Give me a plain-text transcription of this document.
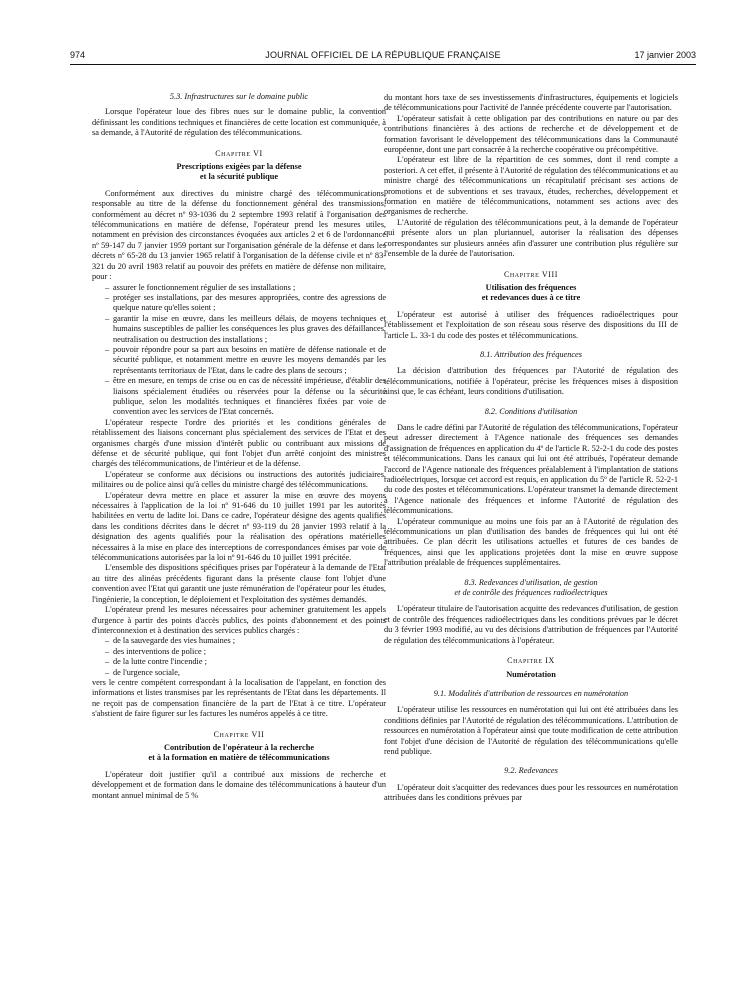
974	JOURNAL OFFICIEL DE LA RÉPUBLIQUE FRANÇAISE	17 janvier 2003
5.3. Infrastructures sur le domaine public

Lorsque l'opérateur loue des fibres nues sur le domaine public, la convention définissant les conditions techniques et financières de cette location est communiquée, à sa demande, à l'Autorité de régulation des télécommunications.

Chapitre VI
Prescriptions exigées par la défense
et la sécurité publique

Conformément aux directives du ministre chargé des télécommunications, responsable au titre de la défense du fonctionnement général des transmissions, conformément au décret nº 93-1036 du 2 septembre 1993 relatif à l'organisation des télécommunications en matière de défense, l'opérateur prend les mesures utiles, notamment en prévision des circonstances évoquées aux articles 2 et 6 de l'ordonnance nº 59-147 du 7 janvier 1959 portant sur l'organisation générale de la défense et dans les décrets nº 65-28 du 13 janvier 1965 relatif à l'organisation de la défense civile et nº 83-321 du 20 avril 1983 relatif au pouvoir des préfets en matière de défense non militaire, pour :

– assurer le fonctionnement régulier de ses installations ;
– protéger ses installations, par des mesures appropriées, contre des agressions de quelque nature qu'elles soient ;
– garantir la mise en œuvre, dans les meilleurs délais, de moyens techniques et humains susceptibles de pallier les conséquences les plus graves des défaillances, neutralisation ou destruction des installations ;
– pouvoir répondre pour sa part aux besoins en matière de défense nationale et de sécurité publique, et notamment mettre en œuvre les moyens demandés par les représentants territoriaux de l'Etat, dans le cadre des plans de secours ;
– être en mesure, en temps de crise ou en cas de nécessité impérieuse, d'établir des liaisons spécialement étudiées ou réservées pour la défense ou la sécurité publique, selon les modalités techniques et financières fixées par voie de convention avec les services de l'Etat concernés.

L'opérateur respecte l'ordre des priorités et les conditions générales de rétablissement des liaisons concernant plus spécialement des services de l'Etat et des organismes chargés d'une mission d'intérêt public ou contribuant aux missions de défense et de sécurité publique, qui font l'objet d'un arrêté conjoint des ministres chargés des télécommunications, de l'intérieur et de la défense.

L'opérateur se conforme aux décisions ou instructions des autorités judiciaires, militaires ou de police ainsi qu'à celles du ministre chargé des télécommunications.

L'opérateur devra mettre en place et assurer la mise en œuvre des moyens nécessaires à l'application de la loi nº 91-646 du 10 juillet 1991 par les autorités habilitées en vertu de ladite loi. Dans ce cadre, l'opérateur désigne des agents qualifiés dans les conditions décrites dans le décret nº 93-119 du 28 janvier 1993 relatif à la désignation des agents qualifiés pour la réalisation des opérations matérielles nécessaires à la mise en place des interceptions de correspondances émises par voie de télécommunications autorisées par la loi nº 91-646 du 10 juillet 1991 précitée.

L'ensemble des dispositions spécifiques prises par l'opérateur à la demande de l'Etat au titre des alinéas précédents figurant dans la présente clause font l'objet d'une convention avec l'Etat qui garantit une juste rémunération de l'opérateur pour les études, l'ingénierie, la conception, le déploiement et l'exploitation des systèmes demandés.

L'opérateur prend les mesures nécessaires pour acheminer gratuitement les appels d'urgence à partir des points d'accès publics, des points d'abonnement et des points d'interconnexion et à destination des services publics chargés :

– de la sauvegarde des vies humaines ;
– des interventions de police ;
– de la lutte contre l'incendie ;
– de l'urgence sociale,

vers le centre compétent correspondant à la localisation de l'appelant, en fonction des informations et listes transmises par les représentants de l'Etat dans les départements. Il ne reçoit pas de compensation financière de la part de l'Etat à ce titre. L'opérateur s'abstient de faire figurer sur les factures les numéros appelés à ce titre.

Chapitre VII
Contribution de l'opérateur à la recherche
et à la formation en matière de télécommunications

L'opérateur doit justifier qu'il a contribué aux missions de recherche et développement et de formation dans le domaine des télécommunications à hauteur d'un montant annuel minimal de 5 %

du montant hors taxe de ses investissements d'infrastructures, équipements et logiciels de télécommunications pour l'activité de l'année précédente couverte par l'autorisation.

L'opérateur satisfait à cette obligation par des contributions en nature ou par des contributions financières à des actions de recherche et de développement et de formation favorisant le développement des télécommunications dans la Communauté européenne, dont une part consacrée à la recherche coopérative ou précompétitive.

L'opérateur est libre de la répartition de ces sommes, dont il rend compte a posteriori. A cet effet, il présente à l'Autorité de régulation des télécommunications et au ministre chargé des télécommunications un récapitulatif précisant ses actions de promotions et de subventions et ses travaux, études, recherches, développement et formation en matière de télécommunications, notamment ses actions avec des organismes de recherche.

L'Autorité de régulation des télécommunications peut, à la demande de l'opérateur qui présente alors un plan pluriannuel, autoriser la réalisation des dépenses correspondantes sur plusieurs années afin d'assurer une contribution plus régulière sur l'ensemble de la durée de l'autorisation.

Chapitre VIII
Utilisation des fréquences
et redevances dues à ce titre

L'opérateur est autorisé à utiliser des fréquences radioélectriques pour l'établissement et l'exploitation de son réseau sous réserve des dispositions du III de l'article L. 33-1 du code des postes et télécommunications.

8.1. Attribution des fréquences

La décision d'attribution des fréquences par l'Autorité de régulation des télécommunications, notifiée à l'opérateur, précise les fréquences mises à disposition ainsi que, le cas échéant, leurs conditions d'utilisation.

8.2. Conditions d'utilisation

Dans le cadre défini par l'Autorité de régulation des télécommunications, l'opérateur peut adresser directement à l'Agence nationale des fréquences ses demandes d'assignation de fréquences en application du 4º de l'article R. 52-2-1 du code des postes et télécommunications. Dans les canaux qui lui ont été attribués, l'opérateur demande l'accord de l'Agence nationale des fréquences préalablement à l'implantation de stations radioélectriques, lorsque cet accord est requis, en application du 5º de l'article R. 52-2-1 du code des postes et télécommunications. L'opérateur transmet la demande directement à l'Agence nationale des fréquences et informe l'Autorité de régulation des télécommunications.

L'opérateur communique au moins une fois par an à l'Autorité de régulation des télécommunications un plan d'utilisation des bandes de fréquences qui lui ont été attribuées. Ce plan décrit les utilisations actuelles et futures de ces bandes de fréquences, ainsi que les applications projetées dont la mise en œuvre suppose l'attribution préalable de fréquences supplémentaires.

8.3. Redevances d'utilisation, de gestion
et de contrôle des fréquences radioélectriques

L'opérateur titulaire de l'autorisation acquitte des redevances d'utilisation, de gestion et de contrôle des fréquences radioélectriques dans les conditions prévues par le décret du 3 février 1993 modifié, au vu des décisions d'attribution de fréquences par l'Autorité de régulation des télécommunications à l'opérateur.

Chapitre IX
Numérotation
9.1. Modalités d'attribution de ressources en numérotation

L'opérateur utilise les ressources en numérotation qui lui ont été attribuées dans les conditions définies par l'Autorité de régulation des télécommunications. L'attribution de ressources en numérotation à l'opérateur ainsi que toute modification de cette attribution font l'objet d'une décision de l'Autorité de régulation des télécommunications qu'elle rend publique.

9.2. Redevances

L'opérateur doit s'acquitter des redevances dues pour les ressources en numérotation attribuées dans les conditions prévues par
